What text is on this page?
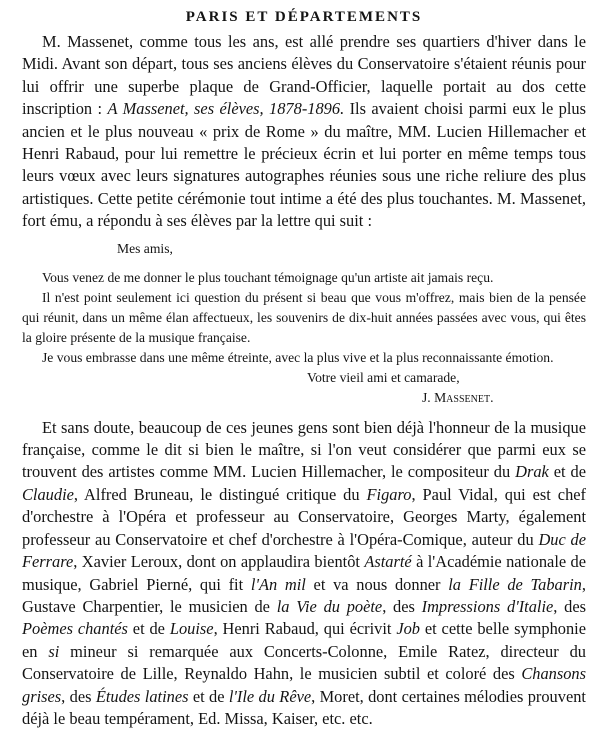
PARIS ET DÉPARTEMENTS

M. Massenet, comme tous les ans, est allé prendre ses quartiers d'hiver dans le Midi. Avant son départ, tous ses anciens élèves du Conservatoire s'étaient réunis pour lui offrir une superbe plaque de Grand-Officier, laquelle portait au dos cette inscription : A Massenet, ses élèves, 1878-1896. Ils avaient choisi parmi eux le plus ancien et le plus nouveau « prix de Rome » du maître, MM. Lucien Hillemacher et Henri Rabaud, pour lui remettre le précieux écrin et lui porter en même temps tous leurs vœux avec leurs signatures autographes réunies sous une riche reliure des plus artistiques. Cette petite cérémonie tout intime a été des plus touchantes. M. Massenet, fort ému, a répondu à ses élèves par la lettre qui suit :

Mes amis,

Vous venez de me donner le plus touchant témoignage qu'un artiste ait jamais reçu.

Il n'est point seulement ici question du présent si beau que vous m'offrez, mais bien de la pensée qui réunit, dans un même élan affectueux, les souvenirs de dix-huit années passées avec vous, qui êtes la gloire présente de la musique française.

Je vous embrasse dans une même étreinte, avec la plus vive et la plus reconnaissante émotion.

Votre vieil ami et camarade,

J. Massenet.

Et sans doute, beaucoup de ces jeunes gens sont bien déjà l'honneur de la musique française, comme le dit si bien le maître, si l'on veut considérer que parmi eux se trouvent des artistes comme MM. Lucien Hillemacher, le compositeur du Drak et de Claudie, Alfred Bruneau, le distingué critique du Figaro, Paul Vidal, qui est chef d'orchestre à l'Opéra et professeur au Conservatoire, Georges Marty, également professeur au Conservatoire et chef d'orchestre à l'Opéra-Comique, auteur du Duc de Ferrare, Xavier Leroux, dont on applaudira bientôt Astarté à l'Académie nationale de musique, Gabriel Pierné, qui fit l'An mil et va nous donner la Fille de Tabarin, Gustave Charpentier, le musicien de la Vie du poète, des Impressions d'Italie, des Poèmes chantés et de Louise, Henri Rabaud, qui écrivit Job et cette belle symphonie en si mineur si remarquée aux Concerts-Colonne, Emile Ratez, directeur du Conservatoire de Lille, Reynaldo Hahn, le musicien subtil et coloré des Chansons grises, des Études latines et de l'Ile du Rêve, Moret, dont certaines mélodies prouvent déjà le beau tempérament, Ed. Missa, Kaiser, etc. etc.
